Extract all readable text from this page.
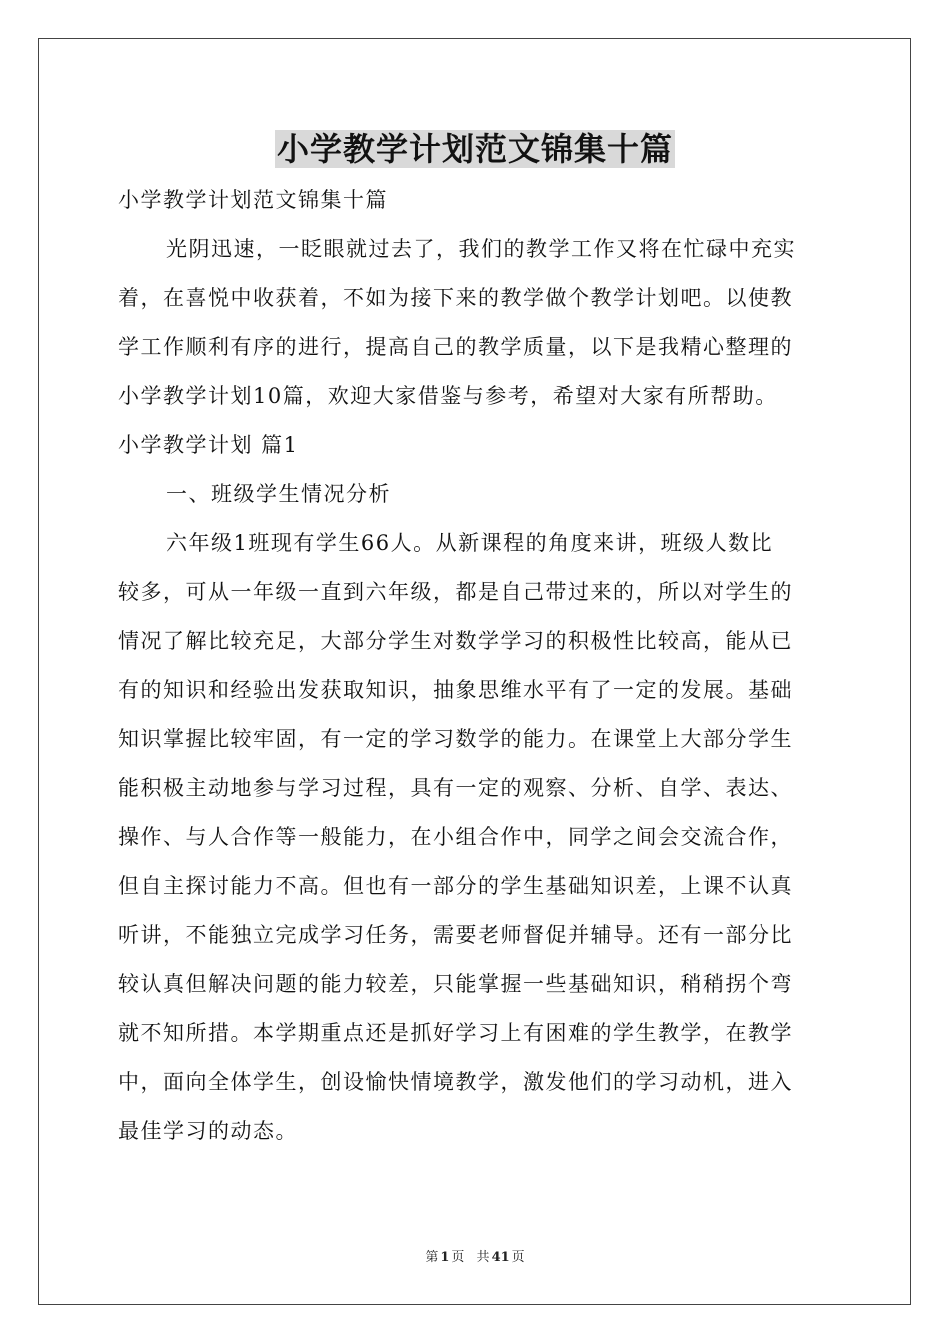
小学教学计划范文锦集十篇

小学教学计划范文锦集十篇

光阴迅速，一眨眼就过去了，我们的教学工作又将在忙碌中充实

着，在喜悦中收获着，不如为接下来的教学做个教学计划吧。以使教

学工作顺利有序的进行，提高自己的教学质量，以下是我精心整理的

小学教学计划10篇，欢迎大家借鉴与参考，希望对大家有所帮助。

小学教学计划 篇1

一、班级学生情况分析

六年级1班现有学生66人。从新课程的角度来讲，班级人数比

较多，可从一年级一直到六年级，都是自己带过来的，所以对学生的

情况了解比较充足，大部分学生对数学学习的积极性比较高，能从已

有的知识和经验出发获取知识，抽象思维水平有了一定的发展。基础

知识掌握比较牢固，有一定的学习数学的能力。在课堂上大部分学生

能积极主动地参与学习过程，具有一定的观察、分析、自学、表达、

操作、与人合作等一般能力，在小组合作中，同学之间会交流合作，

但自主探讨能力不高。但也有一部分的学生基础知识差，上课不认真

听讲，不能独立完成学习任务，需要老师督促并辅导。还有一部分比

较认真但解决问题的能力较差，只能掌握一些基础知识，稍稍拐个弯

就不知所措。本学期重点还是抓好学习上有困难的学生教学，在教学

中，面向全体学生，创设愉快情境教学，激发他们的学习动机，进入

最佳学习的动态。

第 1 页 共 41 页
